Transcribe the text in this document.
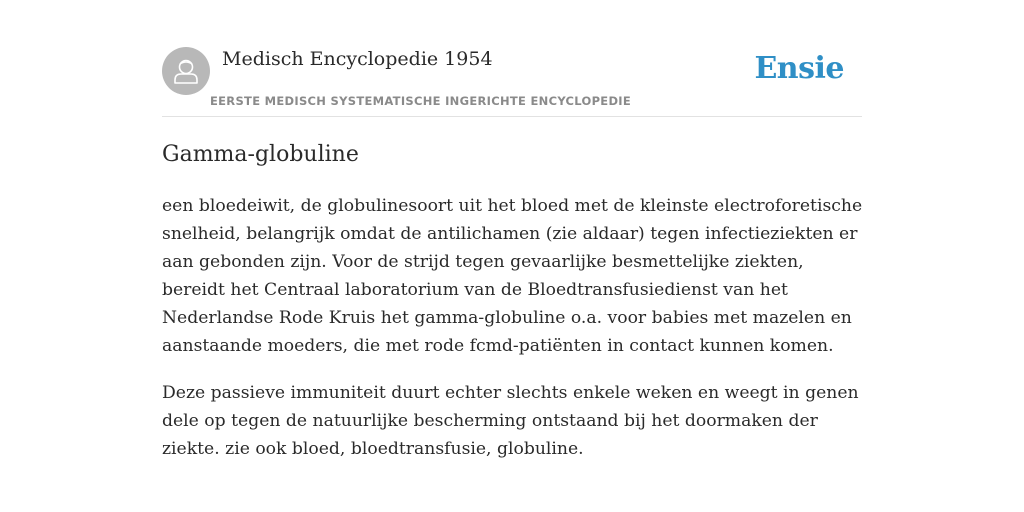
Medisch Encyclopedie 1954
EERSTE MEDISCH SYSTEMATISCHE INGERICHTE ENCYCLOPEDIE
Ensie
Gamma-globuline

een bloedeiwit, de globulinesoort uit het bloed met de kleinste electroforetische snelheid, belangrijk omdat de antilichamen (zie aldaar) tegen infectieziekten er aan gebonden zijn. Voor de strijd tegen gevaarlijke besmettelijke ziekten, bereidt het Centraal laboratorium van de Bloedtransfusiedienst van het Nederlandse Rode Kruis het gamma-globuline o.a. voor babies met mazelen en aanstaande moeders, die met rode fcmd-patiënten in contact kunnen komen.

Deze passieve immuniteit duurt echter slechts enkele weken en weegt in genen dele op tegen de natuurlijke bescherming ontstaand bij het doormaken der ziekte. zie ook bloed, bloedtransfusie, globuline.
